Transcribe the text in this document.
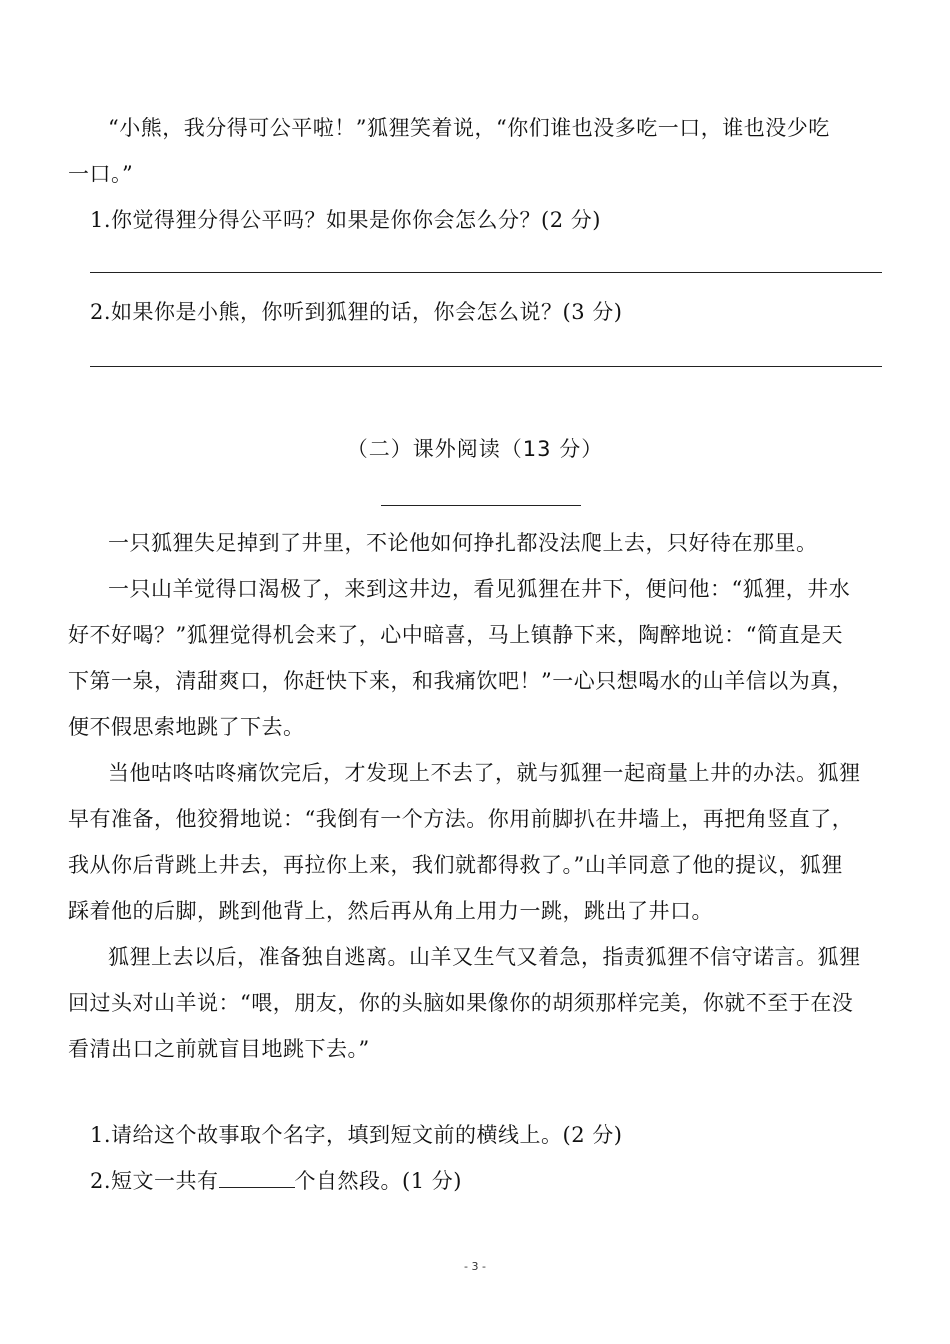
“小熊，我分得可公平啦！”狐狸笑着说，“你们谁也没多吃一口，谁也没少吃
一口。”
1.你觉得狸分得公平吗？如果是你你会怎么分？(2 分)
2.如果你是小熊，你听到狐狸的话，你会怎么说？(3 分)
（二）课外阅读（13 分）
一只狐狸失足掉到了井里，不论他如何挣扎都没法爬上去，只好待在那里。
一只山羊觉得口渴极了，来到这井边，看见狐狸在井下，便问他：“狐狸，井水
好不好喝？”狐狸觉得机会来了，心中暗喜，马上镇静下来，陶醉地说：“简直是天
下第一泉，清甜爽口，你赶快下来，和我痛饮吧！”一心只想喝水的山羊信以为真，
便不假思索地跳了下去。
当他咕咚咕咚痛饮完后，才发现上不去了，就与狐狸一起商量上井的办法。狐狸
早有准备，他狡猾地说：“我倒有一个方法。你用前脚扒在井墙上，再把角竖直了，
我从你后背跳上井去，再拉你上来，我们就都得救了。”山羊同意了他的提议，狐狸
踩着他的后脚，跳到他背上，然后再从角上用力一跳，跳出了井口。
狐狸上去以后，准备独自逃离。山羊又生气又着急，指责狐狸不信守诺言。狐狸
回过头对山羊说：“喂，朋友，你的头脑如果像你的胡须那样完美，你就不至于在没
看清出口之前就盲目地跳下去。”
1.请给这个故事取个名字，填到短文前的横线上。(2 分)
2.短文一共有	个自然段。(1 分)
- 3 -
